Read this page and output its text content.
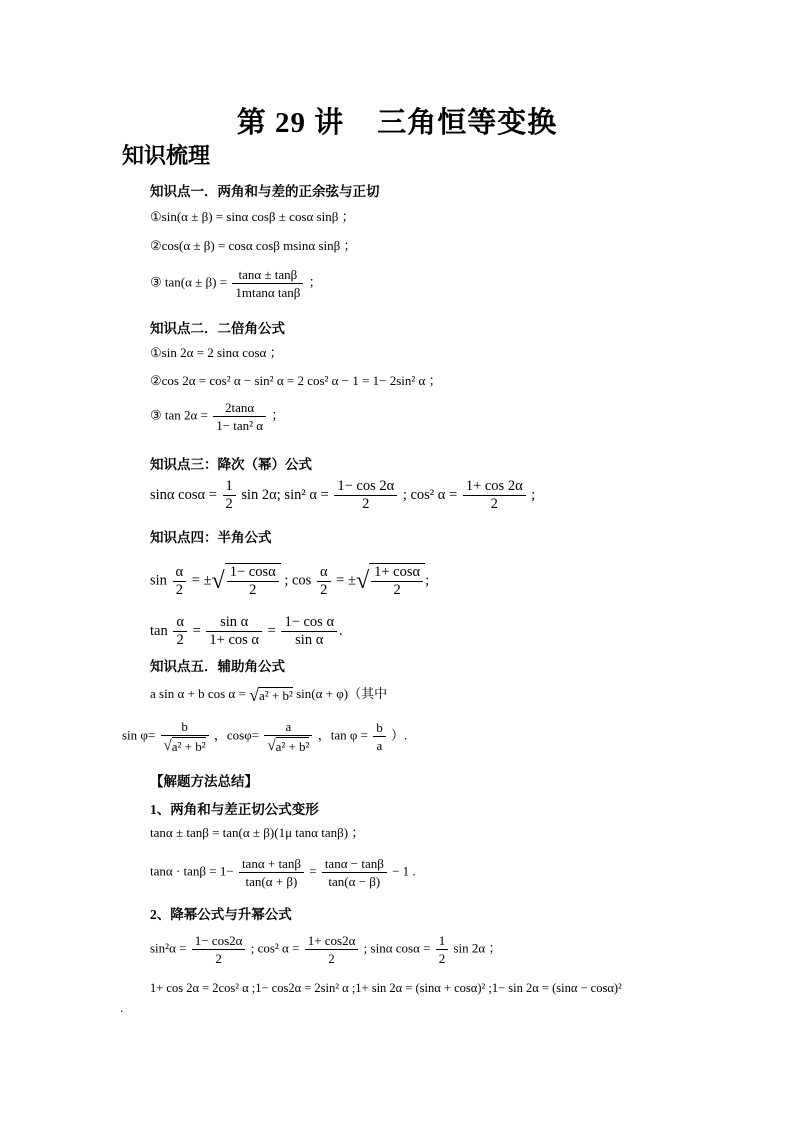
第 29 讲    三角恒等变换
知识梳理
知识点一．两角和与差的正余弦与正切
①sin(α ± β) = sinα cosβ ± cosα sinβ ；
②cos(α ± β) = cosα cosβ msinα sinβ ；
③ $\tan(\alpha \pm \beta) = \frac{\tan\alpha \pm \tan\beta}{\text{1mtanα tanβ}}$ ；
知识点二．二倍角公式
①sin 2α = 2 sinα cosα ；
②cos 2α = cos² α − sin² α = 2 cos² α − 1 = 1− 2sin² α ；
③ $\tan 2\alpha = \frac{2\tan\alpha}{\text{1− tan² α}}$ ；
知识点三：降次（幂）公式
sinα $\cos\alpha = \frac{1}{2}$ sin 2α; sin² $\alpha = \frac{1- \cos 2\alpha}{2}$ ; cos² $\alpha = \frac{1+ \cos 2\alpha}{2}$ ;
知识点四：半角公式
$\sin \frac{\alpha}{2}$ = ±√ $\frac{1- \cos\alpha}{2}$ ; $\cos \frac{\alpha}{2}$ = ±√ $\frac{1+ \cos\alpha}{2}$ ;
$\tan \frac{\alpha}{2} = \frac{\text{sin α}}{\text{1+ cos α}} = \frac{\text{1− cos α}}{\text{sin α}}$ .
知识点五．辅助角公式
a sin α + b cos α = √a² + b² sin(α + φ)（其中
$\sin \varphi= \frac{b}{\text{√a² + b²}}$ ，$\cos\varphi= \frac{a}{\text{√a² + b²}}$ ，$\tan \varphi = \frac{b}{a}$ ）.
【解题方法总结】
1、两角和与差正切公式变形
tanα ± tanβ = tan(α ± β)(1μ tanα tanβ) ；
$\tan\alpha \cdot \tan\beta = 1- \frac{\tan\alpha + \tan\beta}{\tan(\alpha + \beta)} = \frac{\tan\alpha - \tan\beta}{\tan(\alpha - \beta)} - 1$ .
2、降幂公式与升幂公式
$\sin^2\alpha = \frac{1- \cos 2\alpha}{2}$ ; cos² $\alpha = \frac{1+ \cos 2\alpha}{2}$ ; sinα $\cos\alpha = \frac{1}{2}$ sin 2α ；
1+ cos 2α = 2cos² α ;1− cos2α = 2sin² α ;1+ sin 2α = (sinα + cosα)² ;1− sin 2α = (sinα − cosα)²
.
